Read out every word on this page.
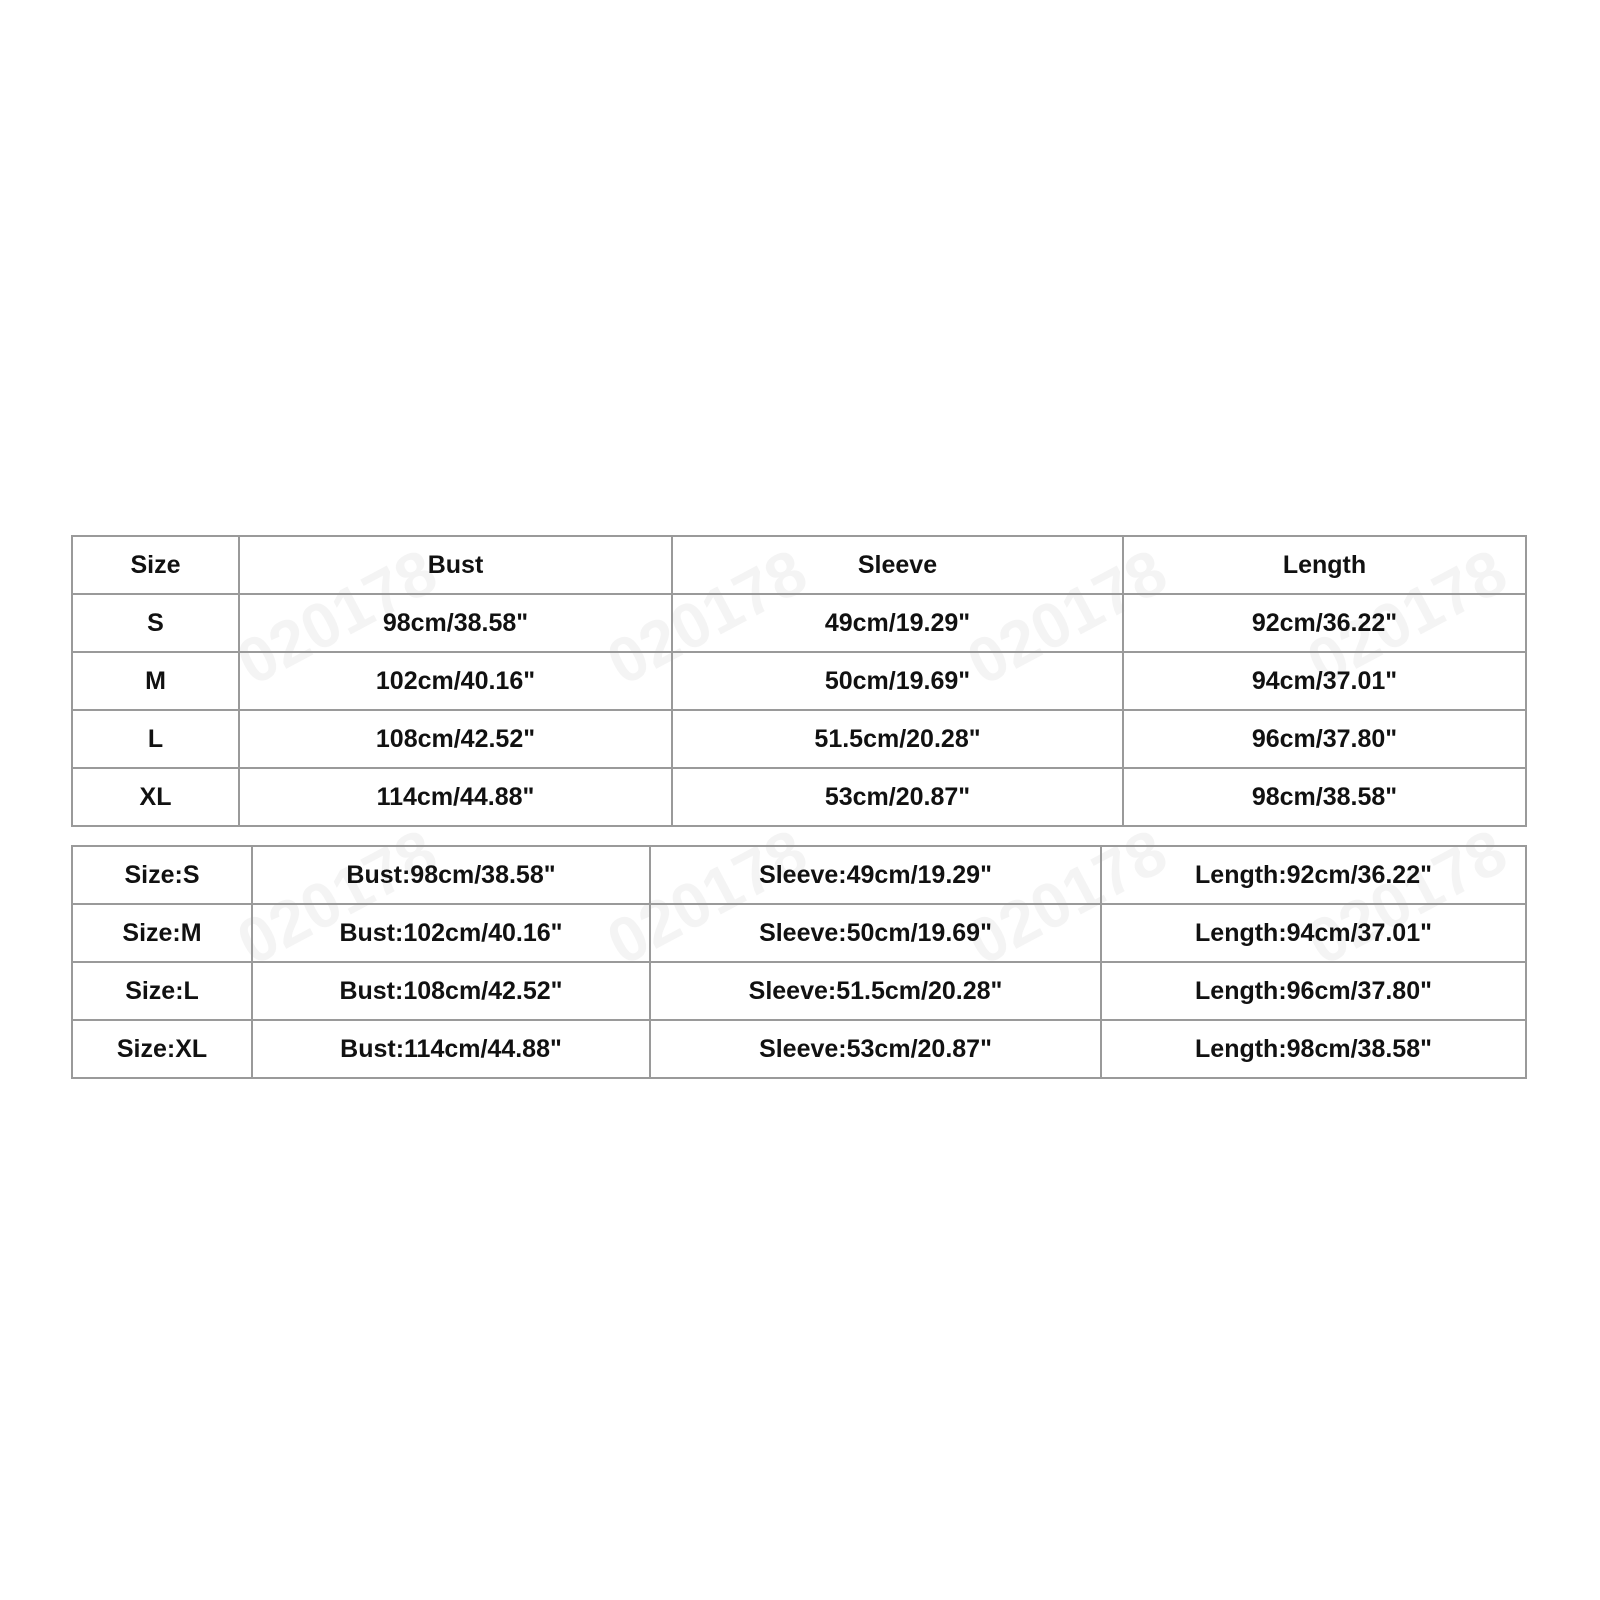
Size	Bust	Sleeve	Length
S	98cm/38.58"	49cm/19.29"	92cm/36.22"
M	102cm/40.16"	50cm/19.69"	94cm/37.01"
L	108cm/42.52"	51.5cm/20.28"	96cm/37.80"
XL	114cm/44.88"	53cm/20.87"	98cm/38.58"
Size:S	Bust:98cm/38.58"	Sleeve:49cm/19.29"	Length:92cm/36.22"
Size:M	Bust:102cm/40.16"	Sleeve:50cm/19.69"	Length:94cm/37.01"
Size:L	Bust:108cm/42.52"	Sleeve:51.5cm/20.28"	Length:96cm/37.80"
Size:XL	Bust:114cm/44.88"	Sleeve:53cm/20.87"	Length:98cm/38.58"
